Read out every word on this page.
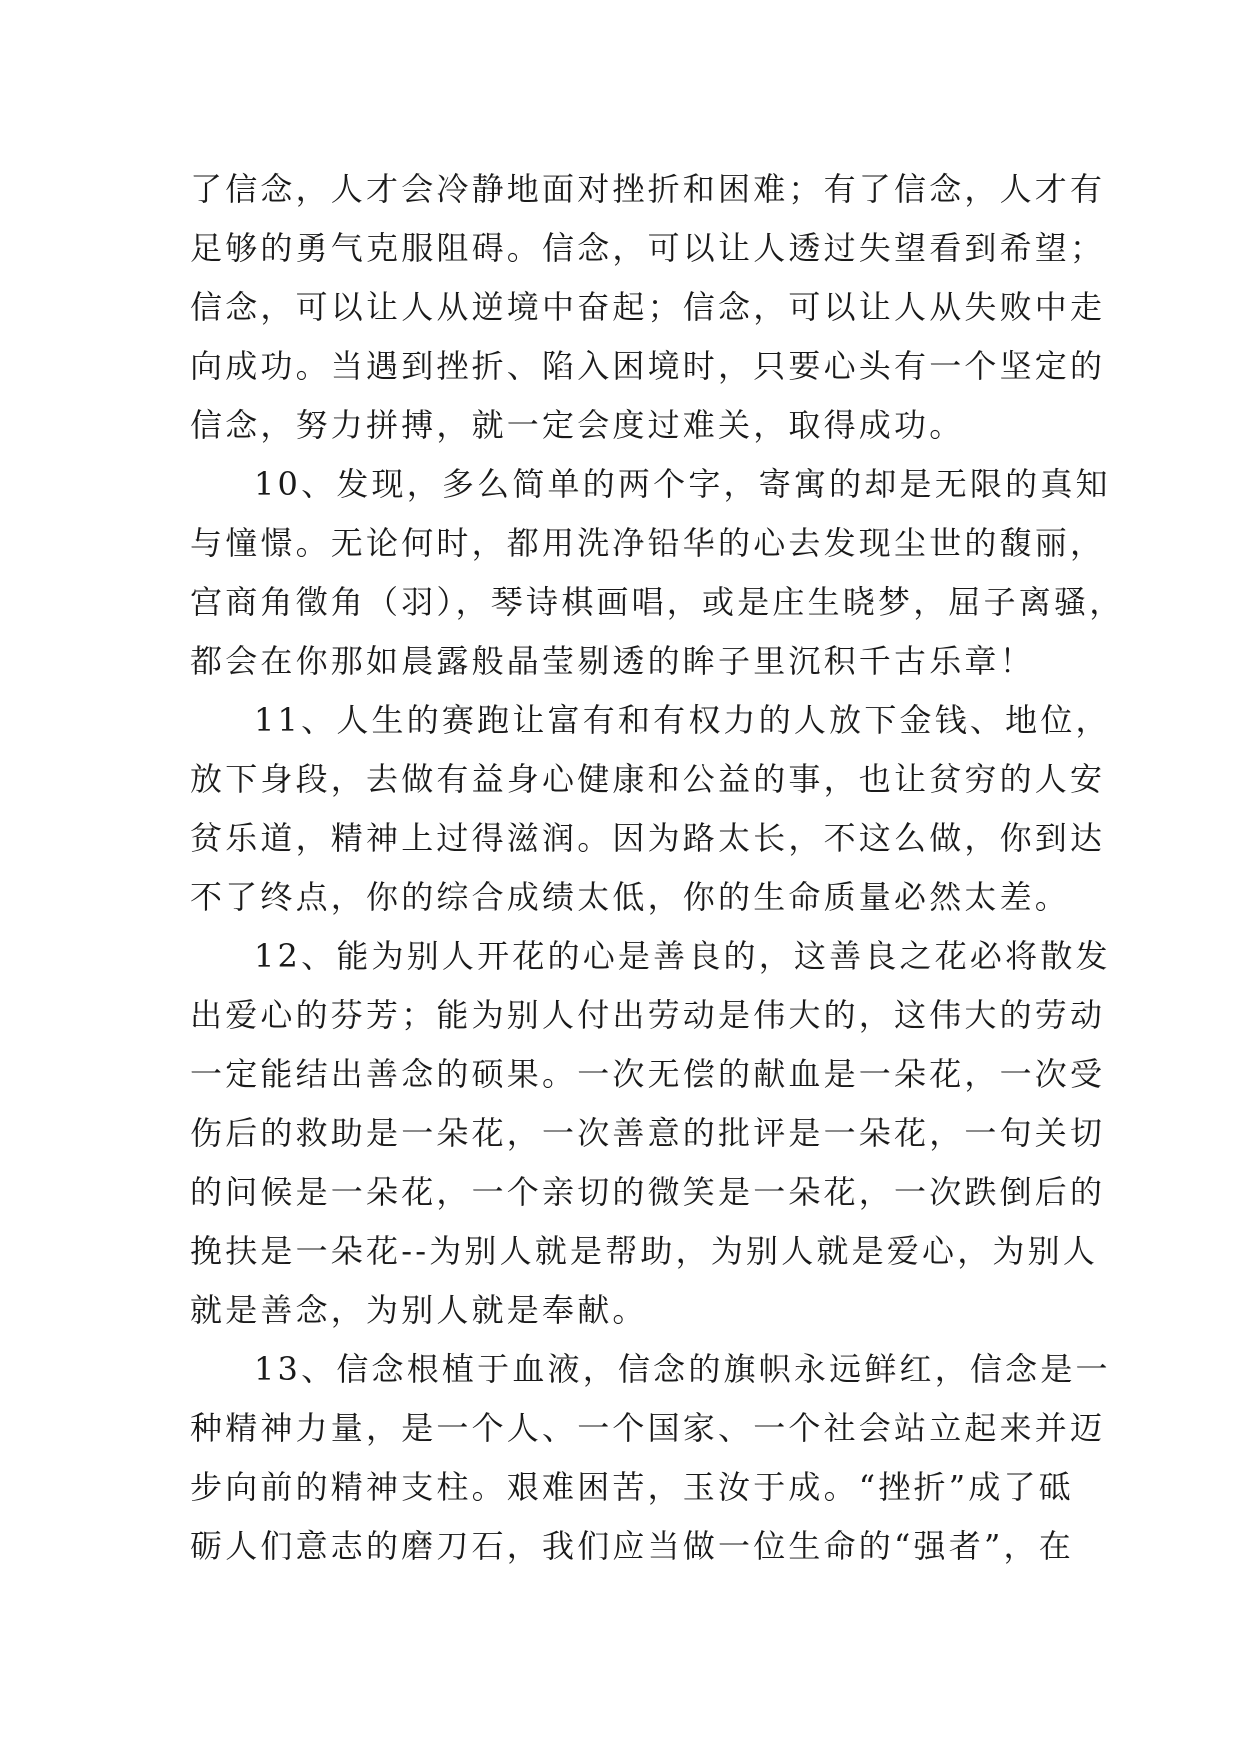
了信念，人才会冷静地面对挫折和困难；有了信念，人才有
足够的勇气克服阻碍。信念，可以让人透过失望看到希望；
信念，可以让人从逆境中奋起；信念，可以让人从失败中走
向成功。当遇到挫折、陷入困境时，只要心头有一个坚定的
信念，努力拼搏，就一定会度过难关，取得成功。
10、发现，多么简单的两个字，寄寓的却是无限的真知
与憧憬。无论何时，都用洗净铅华的心去发现尘世的馥丽，
宫商角徵角（羽），琴诗棋画唱，或是庄生晓梦，屈子离骚，
都会在你那如晨露般晶莹剔透的眸子里沉积千古乐章！
11、人生的赛跑让富有和有权力的人放下金钱、地位，
放下身段，去做有益身心健康和公益的事，也让贫穷的人安
贫乐道，精神上过得滋润。因为路太长，不这么做，你到达
不了终点，你的综合成绩太低，你的生命质量必然太差。
12、能为别人开花的心是善良的，这善良之花必将散发
出爱心的芬芳；能为别人付出劳动是伟大的，这伟大的劳动
一定能结出善念的硕果。一次无偿的献血是一朵花，一次受
伤后的救助是一朵花，一次善意的批评是一朵花，一句关切
的问候是一朵花，一个亲切的微笑是一朵花，一次跌倒后的
挽扶是一朵花--为别人就是帮助，为别人就是爱心，为别人
就是善念，为别人就是奉献。
13、信念根植于血液，信念的旗帜永远鲜红，信念是一
种精神力量，是一个人、一个国家、一个社会站立起来并迈
步向前的精神支柱。艰难困苦，玉汝于成。“挫折”成了砥
砺人们意志的磨刀石，我们应当做一位生命的“强者”，在
